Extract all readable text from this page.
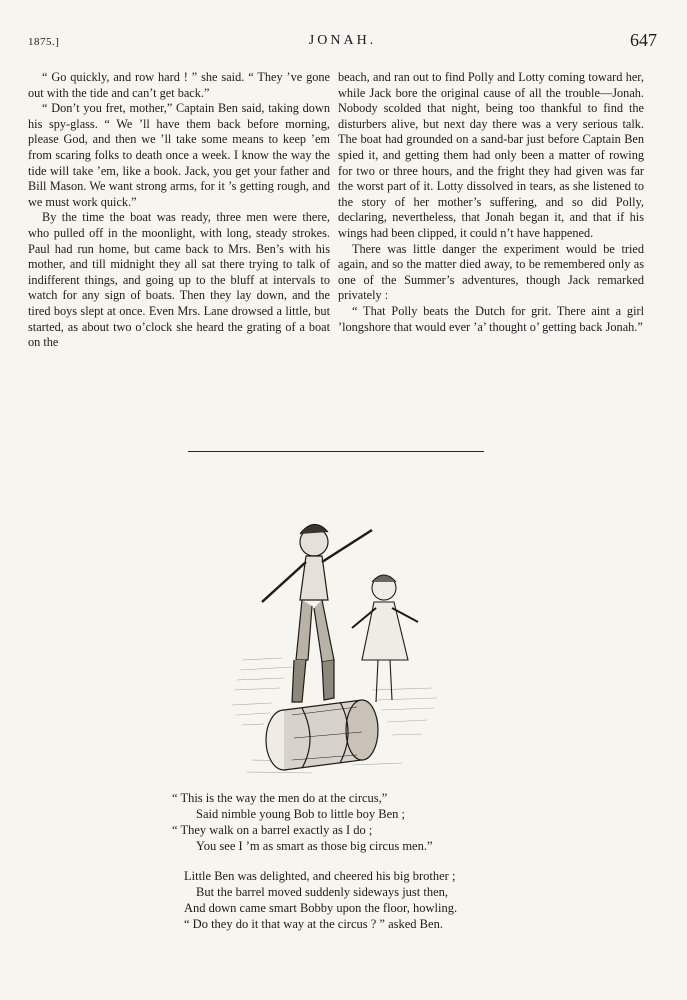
1875.]	JONAH.	647

“ Go quickly, and row hard ! ” she said. “ They ’ve gone out with the tide and can’t get back.”

“ Don’t you fret, mother,” Captain Ben said, taking down his spy-glass. “ We ’ll have them back before morning, please God, and then we ’ll take some means to keep ’em from scaring folks to death once a week. I know the way the tide will take ’em, like a book. Jack, you get your father and Bill Mason. We want strong arms, for it ’s getting rough, and we must work quick.”

By the time the boat was ready, three men were there, who pulled off in the moonlight, with long, steady strokes. Paul had run home, but came back to Mrs. Ben’s with his mother, and till midnight they all sat there trying to talk of indifferent things, and going up to the bluff at intervals to watch for any sign of boats. Then they lay down, and the tired boys slept at once. Even Mrs. Lane drowsed a little, but started, as about two o’clock she heard the grating of a boat on the

beach, and ran out to find Polly and Lotty coming toward her, while Jack bore the original cause of all the trouble—Jonah. Nobody scolded that night, being too thankful to find the disturbers alive, but next day there was a very serious talk. The boat had grounded on a sand-bar just before Captain Ben spied it, and getting them had only been a matter of rowing for two or three hours, and the fright they had given was far the worst part of it. Lotty dissolved in tears, as she listened to the story of her mother’s suffering, and so did Polly, declaring, nevertheless, that Jonah began it, and that if his wings had been clipped, it could n’t have happened.

There was little danger the experiment would be tried again, and so the matter died away, to be remembered only as one of the Summer’s adventures, though Jack remarked privately :

“ That Polly beats the Dutch for grit. There aint a girl ’longshore that would ever ’a’ thought o’ getting back Jonah.”

“ This is the way the men do at the circus,”
Said nimble young Bob to little boy Ben ;
“ They walk on a barrel exactly as I do ;
You see I ’m as smart as those big circus men.”
Little Ben was delighted, and cheered his big brother ;
But the barrel moved suddenly sideways just then,
And down came smart Bobby upon the floor, howling.
“ Do they do it that way at the circus ? ” asked Ben.
